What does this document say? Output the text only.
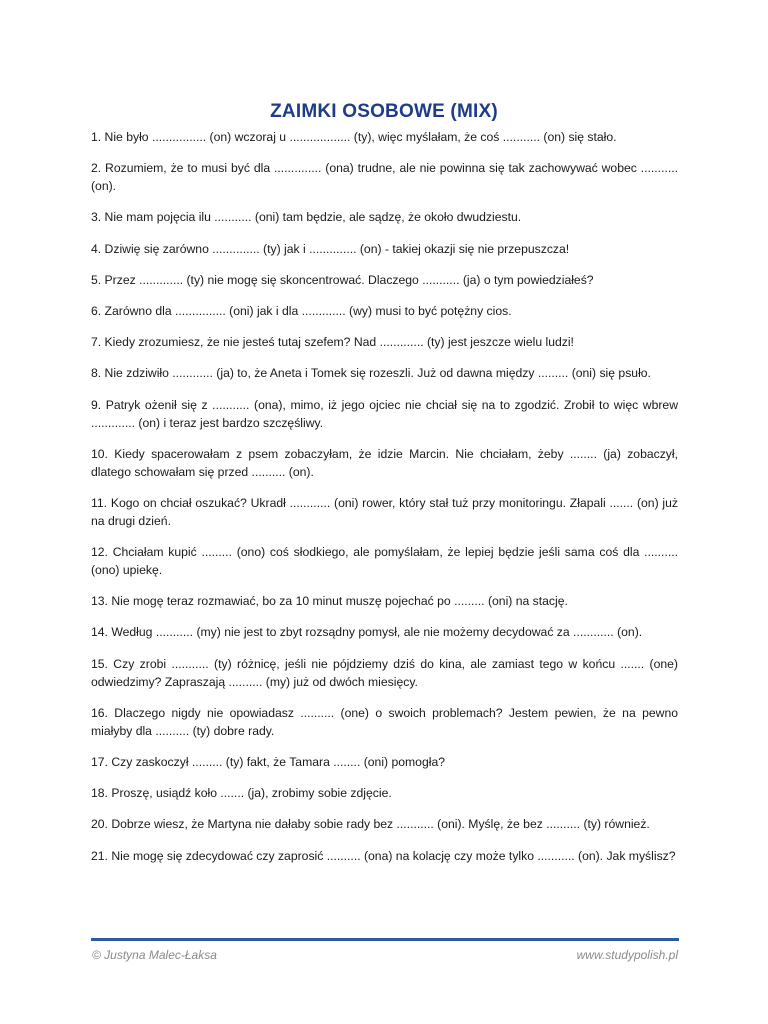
ZAIMKI OSOBOWE (MIX)
1. Nie było ................ (on) wczoraj u .................. (ty), więc myślałam, że coś ........... (on) się stało.
2. Rozumiem, że to musi być dla .............. (ona) trudne, ale nie powinna się tak zachowywać wobec ........... (on).
3. Nie mam pojęcia ilu ........... (oni) tam będzie, ale sądzę, że około dwudziestu.
4. Dziwię się zarówno .............. (ty) jak i .............. (on) - takiej okazji się nie przepuszcza!
5. Przez ............. (ty) nie mogę się skoncentrować. Dlaczego ........... (ja) o tym powiedziałeś?
6. Zarówno dla ............... (oni) jak i dla ............. (wy) musi to być potężny cios.
7. Kiedy zrozumiesz, że nie jesteś tutaj szefem? Nad ............. (ty) jest jeszcze wielu ludzi!
8. Nie zdziwiło ............ (ja) to, że Aneta i Tomek się rozeszli. Już od dawna między ......... (oni) się psuło.
9. Patryk ożenił się z ........... (ona), mimo, iż jego ojciec nie chciał się na to zgodzić. Zrobił to więc wbrew ............. (on) i teraz jest bardzo szczęśliwy.
10. Kiedy spacerowałam z psem zobaczyłam, że idzie Marcin. Nie chciałam, żeby ........ (ja) zobaczył, dlatego schowałam się przed .......... (on).
11. Kogo on chciał oszukać? Ukradł ............ (oni) rower, który stał tuż przy monitoringu. Złapali ....... (on) już na drugi dzień.
12. Chciałam kupić ......... (ono) coś słodkiego, ale pomyślałam, że lepiej będzie jeśli sama coś dla .......... (ono) upiekę.
13. Nie mogę teraz rozmawiać, bo za 10 minut muszę pojechać po ......... (oni) na stację.
14. Według ........... (my) nie jest to zbyt rozsądny pomysł, ale nie możemy decydować za ............ (on).
15. Czy zrobi ........... (ty) różnicę, jeśli nie pójdziemy dziś do kina, ale zamiast tego w końcu ....... (one) odwiedzimy? Zapraszają .......... (my) już od dwóch miesięcy.
16. Dlaczego nigdy nie opowiadasz .......... (one) o swoich problemach? Jestem pewien, że na pewno miałyby dla .......... (ty) dobre rady.
17. Czy zaskoczył ......... (ty) fakt, że Tamara ........ (oni) pomogła?
18. Proszę, usiądź koło ....... (ja), zrobimy sobie zdjęcie.
20. Dobrze wiesz, że Martyna nie dałaby sobie rady bez ........... (oni). Myślę, że bez .......... (ty) również.
21. Nie mogę się zdecydować czy zaprosić .......... (ona) na kolację czy może tylko ........... (on). Jak myślisz?
© Justyna Malec-Łaksa	www.studypolish.pl
